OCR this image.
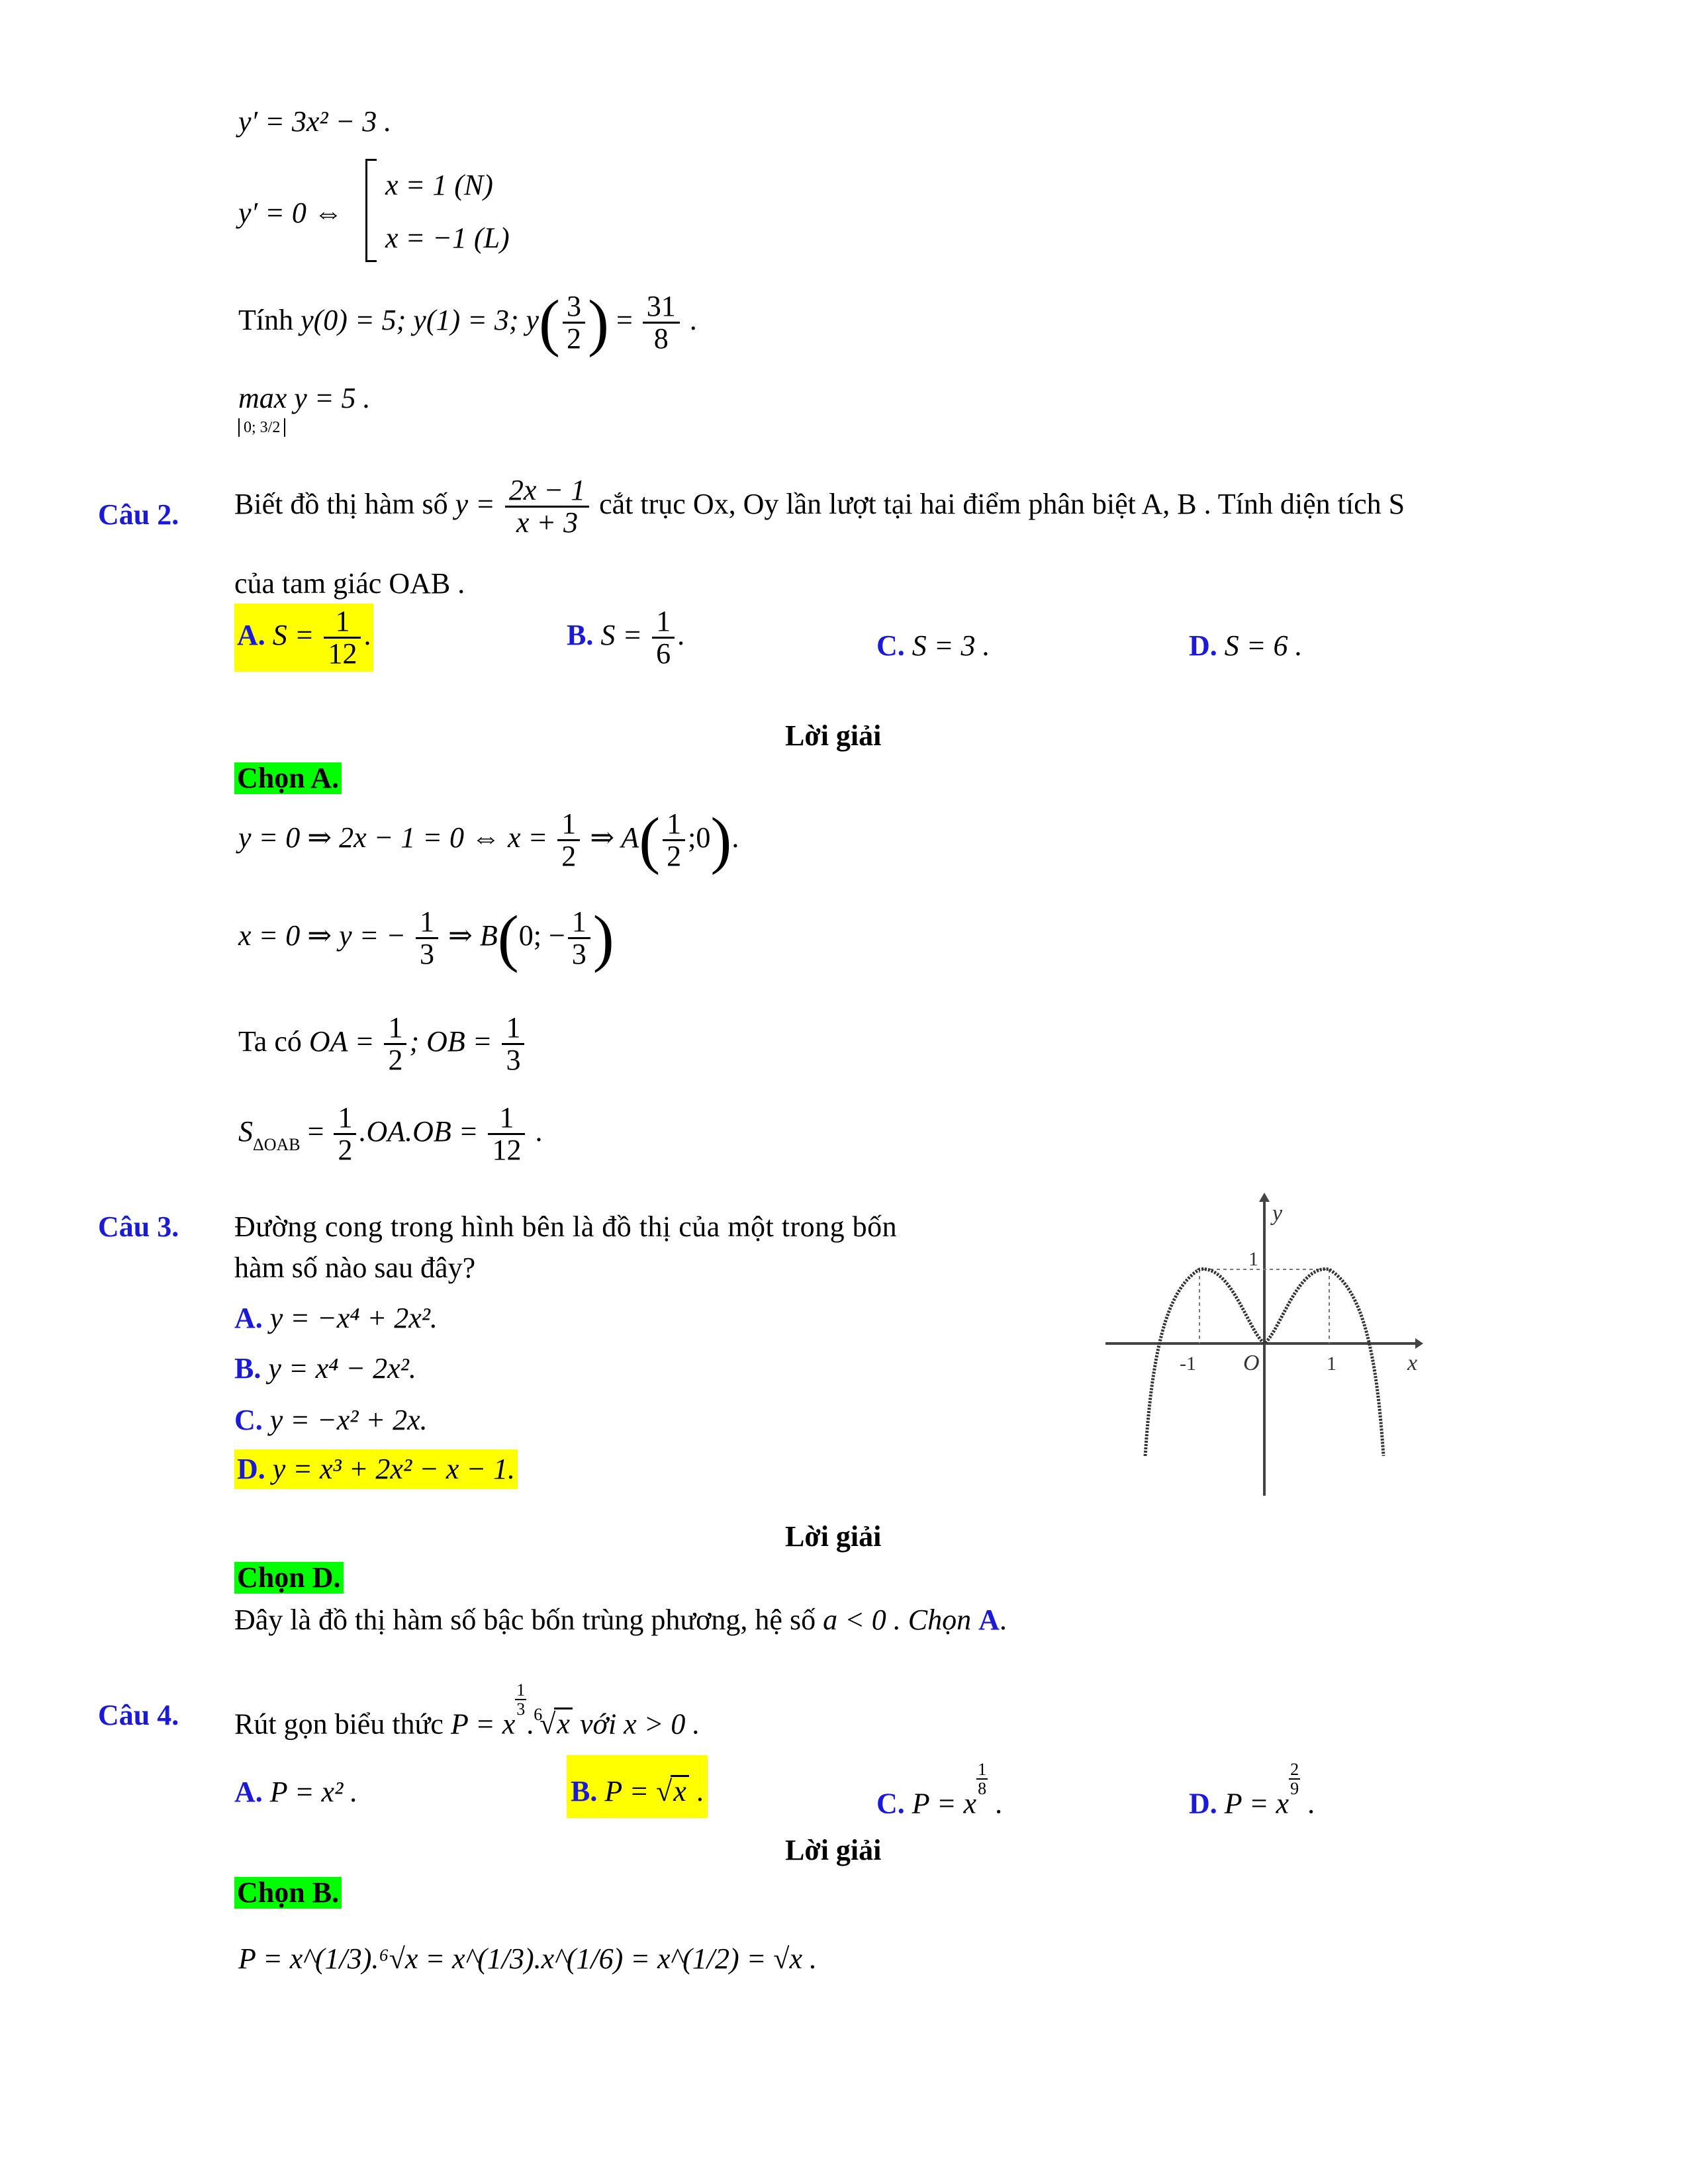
y′ = 3x² − 3 .
y′ = 0 ⇔
x = 1 (N)
x = −1 (L)
Tính y(0) = 5; y(1) = 3; $y( \frac{3}{2}$ ) = $\frac{31}{8}$ .
max y = 5 .
0; 3/2
Câu 2. Biết đồ thị hàm số $y = \frac{2x - 1}{x + 3}$ cắt trục Ox, Oy lần lượt tại hai điểm phân biệt A, B . Tính diện tích S
của tam giác OAB .
A. $S = \frac{1}{12}$ .	B. $S = \frac{1}{6}$ .	C. S = 3 .	D. S = 6 .
Lời giải
Chọn A.
y = 0 ⇒ 2x − 1 = 0 ⇔ $x = \frac{1}{2}$ ⇒ $A( \frac{1}{2}$ ;0).
x = 0 ⇒ y = − $\frac{1}{3}$ ⇒ B(0; − $\frac{1}{3}$ )
Ta có OA = $\frac{1}{2}$ ; OB = $\frac{1}{3}$
$S_{\Delta OAB} = \frac{1}{2} .OA.OB = \frac{1}{12}$ .
Câu 3. Đường cong trong hình bên là đồ thị của một trong bốn
hàm số nào sau đây?
A. y = −x⁴ + 2x².
B. y = x⁴ − 2x².
C. y = −x² + 2x.
D. y = x³ + 2x² − x − 1.
y
x
O
-1	1
1
Lời giải
Chọn D.
Đây là đồ thị hàm số bậc bốn trùng phương, hệ số a < 0 . Chọn A.
Câu 4. Rút gọn biểu thức P = x
$\frac{1}{3}$
.$^6$√x với x > 0 .
A. P = x² .	B. P = √x .	C. P = x
$\frac{1}{8}$
.	D. P = x
$\frac{2}{9}$
.
Lời giải
Chọn B.
P = x^(1/3).⁶√x = x^(1/3).x^(1/6) = x^(1/2) = √x .
